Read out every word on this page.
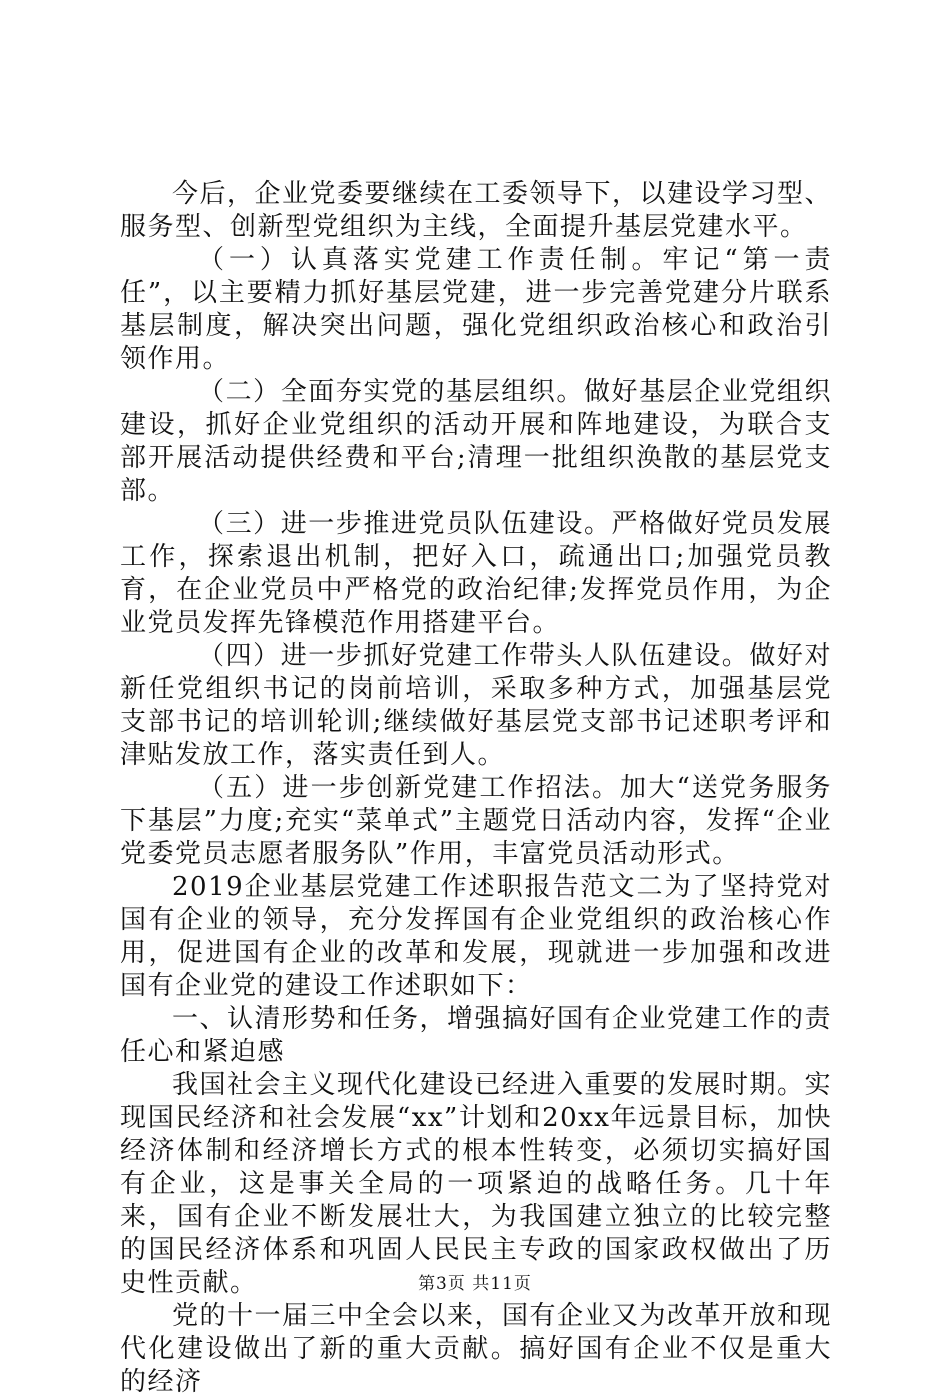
今后，企业党委要继续在工委领导下，以建设学习型、服务型、创新型党组织为主线，全面提升基层党建水平。

（一）认真落实党建工作责任制。牢记“第一责任”，以主要精力抓好基层党建，进一步完善党建分片联系基层制度，解决突出问题，强化党组织政治核心和政治引领作用。

（二）全面夯实党的基层组织。做好基层企业党组织建设，抓好企业党组织的活动开展和阵地建设，为联合支部开展活动提供经费和平台;清理一批组织涣散的基层党支部。

（三）进一步推进党员队伍建设。严格做好党员发展工作，探索退出机制，把好入口，疏通出口;加强党员教育，在企业党员中严格党的政治纪律;发挥党员作用，为企业党员发挥先锋模范作用搭建平台。

（四）进一步抓好党建工作带头人队伍建设。做好对新任党组织书记的岗前培训，采取多种方式，加强基层党支部书记的培训轮训;继续做好基层党支部书记述职考评和津贴发放工作，落实责任到人。

（五）进一步创新党建工作招法。加大“送党务服务下基层”力度;充实“菜单式”主题党日活动内容，发挥“企业党委党员志愿者服务队”作用，丰富党员活动形式。

2019企业基层党建工作述职报告范文二为了坚持党对国有企业的领导，充分发挥国有企业党组织的政治核心作用，促进国有企业的改革和发展，现就进一步加强和改进国有企业党的建设工作述职如下：

一、认清形势和任务，增强搞好国有企业党建工作的责任心和紧迫感

我国社会主义现代化建设已经进入重要的发展时期。实现国民经济和社会发展“xx”计划和20xx年远景目标，加快经济体制和经济增长方式的根本性转变，必须切实搞好国有企业，这是事关全局的一项紧迫的战略任务。几十年来，国有企业不断发展壮大，为我国建立独立的比较完整的国民经济体系和巩固人民民主专政的国家政权做出了历史性贡献。

党的十一届三中全会以来，国有企业又为改革开放和现代化建设做出了新的重大贡献。搞好国有企业不仅是重大的经济

第3页 共11页
